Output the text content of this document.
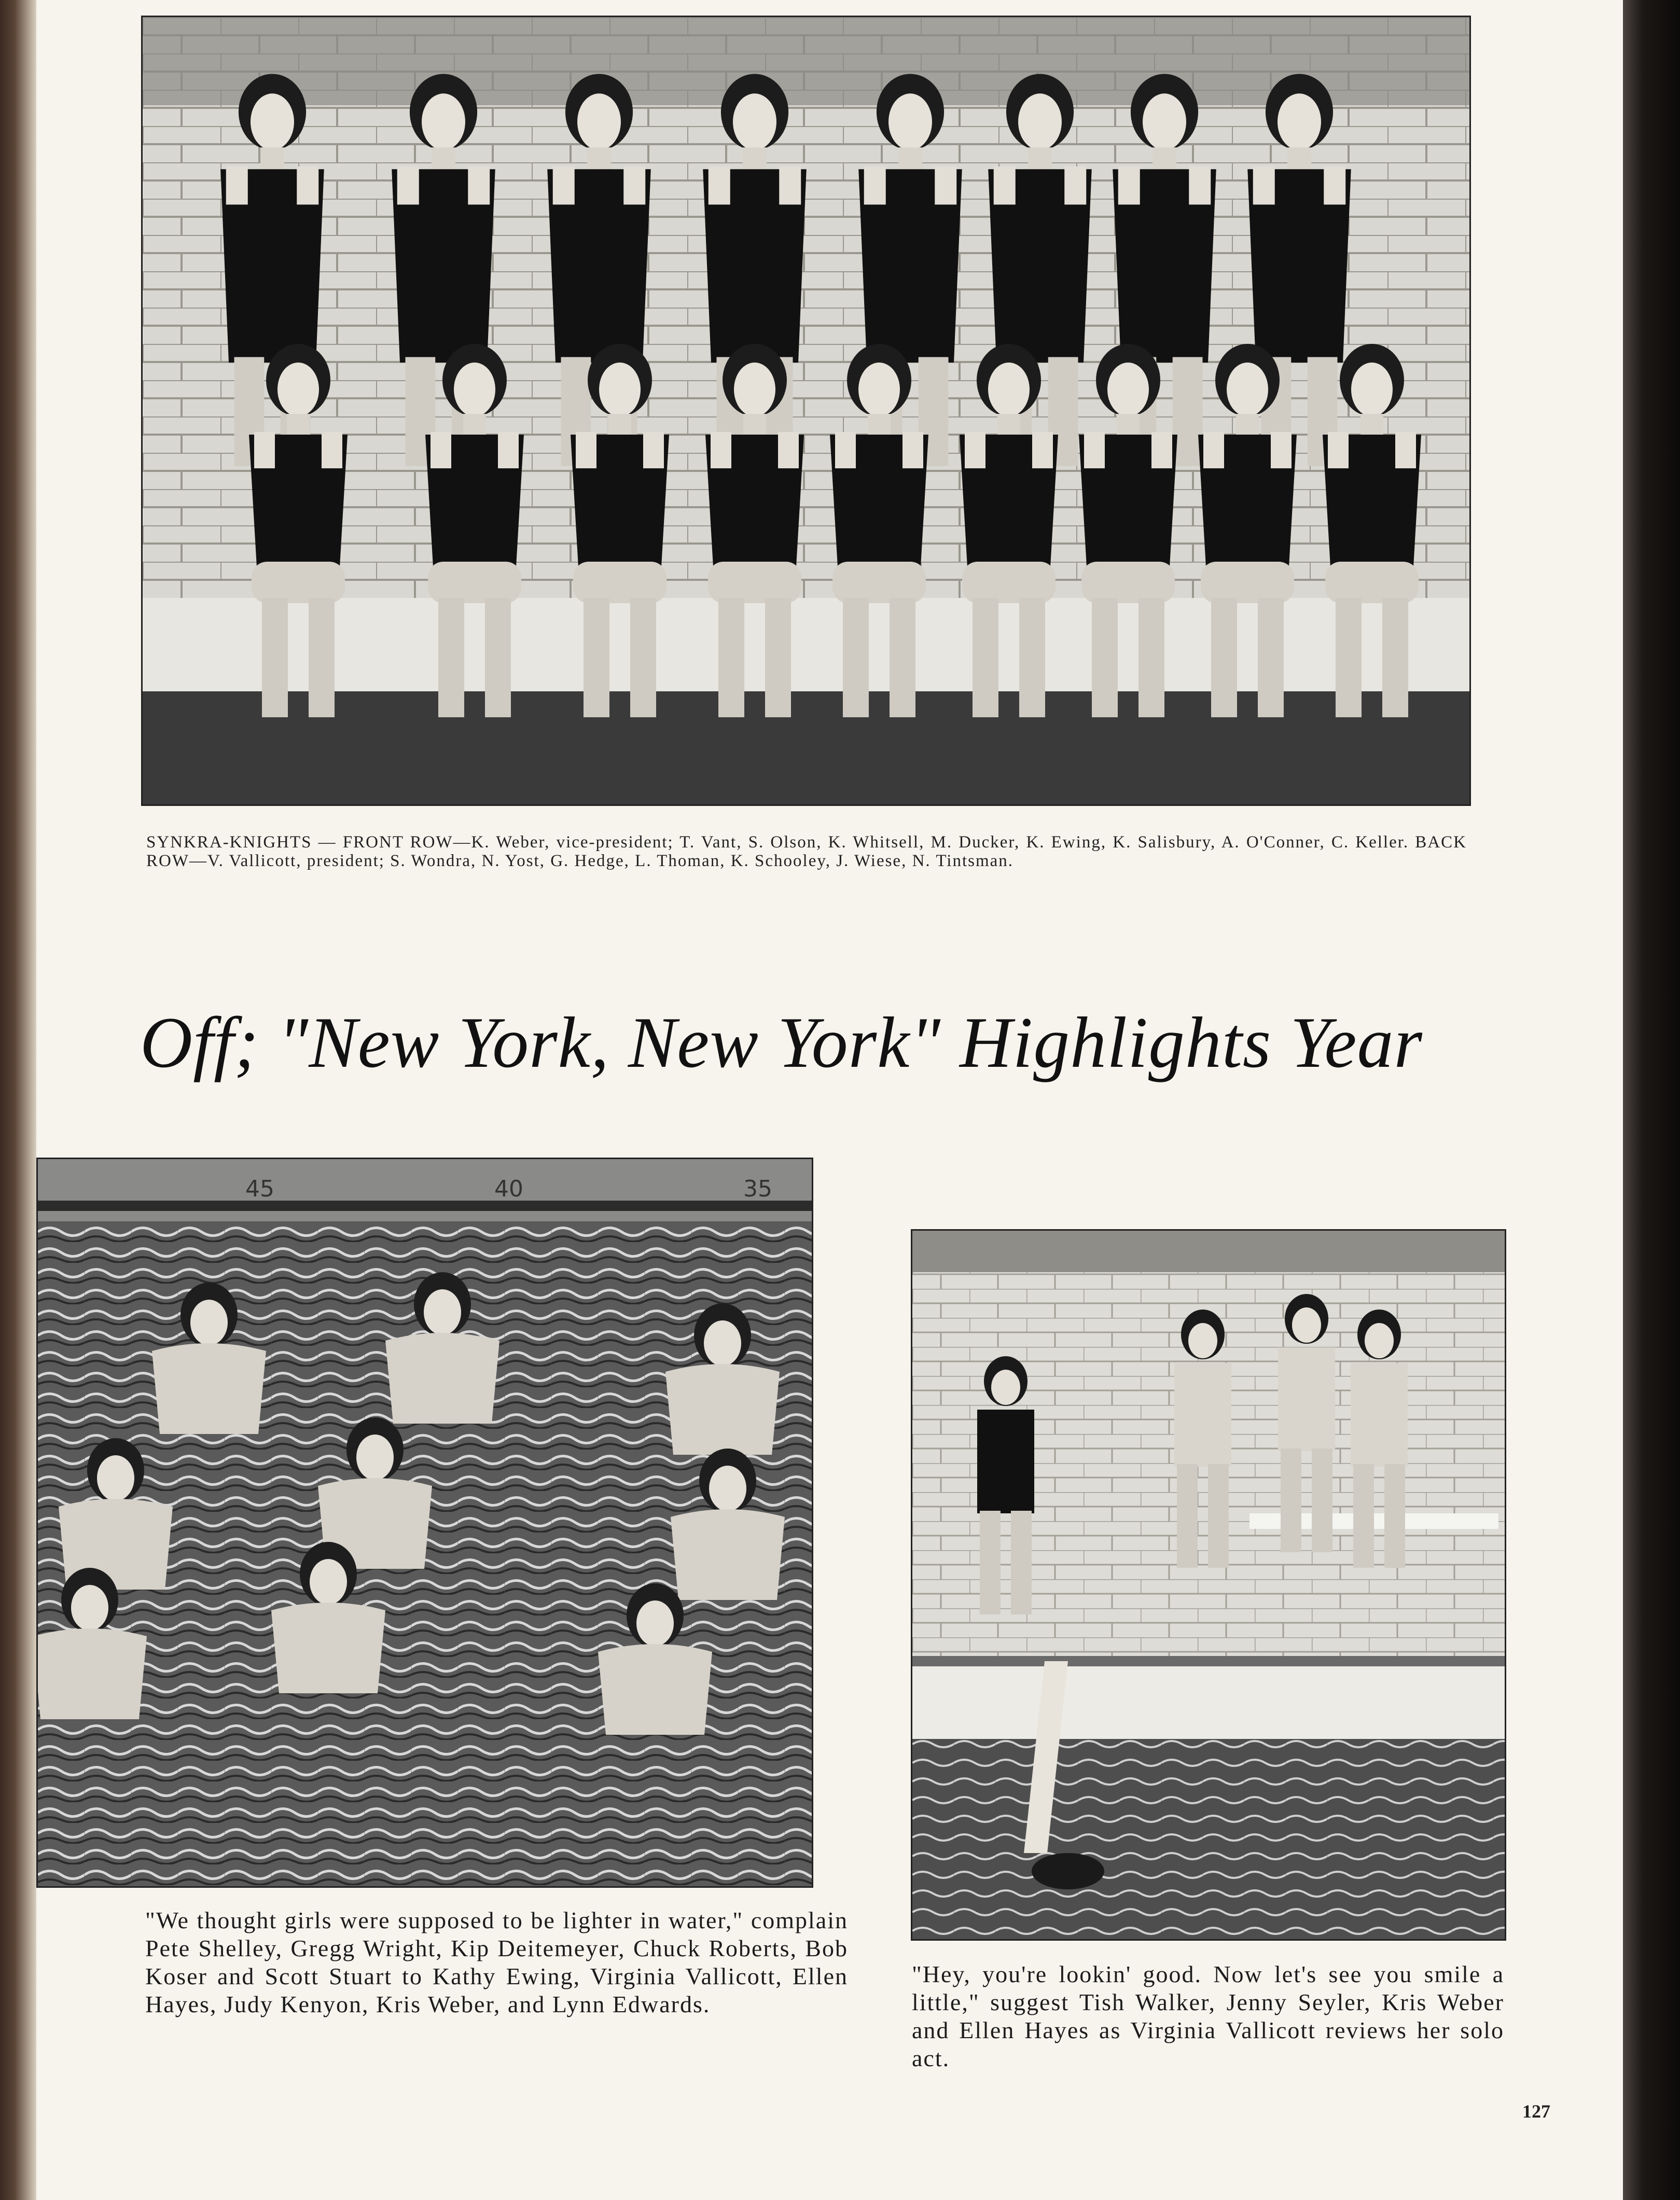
SYNKRA-KNIGHTS — FRONT ROW—K. Weber, vice-president; T. Vant, S. Olson, K. Whitsell, M. Ducker, K. Ewing, K. Salisbury, A. O'Conner, C. Keller. BACK ROW—V. Vallicott, president; S. Wondra, N. Yost, G. Hedge, L. Thoman, K. Schooley, J. Wiese, N. Tintsman.
Off; "New York, New York" Highlights Year
45	40	35
"We thought girls were supposed to be lighter in water," complain Pete Shelley, Gregg Wright, Kip Deitemeyer, Chuck Roberts, Bob Koser and Scott Stuart to Kathy Ewing, Virginia Vallicott, Ellen Hayes, Judy Kenyon, Kris Weber, and Lynn Edwards.
"Hey, you're lookin' good. Now let's see you smile a little," suggest Tish Walker, Jenny Seyler, Kris Weber and Ellen Hayes as Virginia Vallicott reviews her solo act.
127
